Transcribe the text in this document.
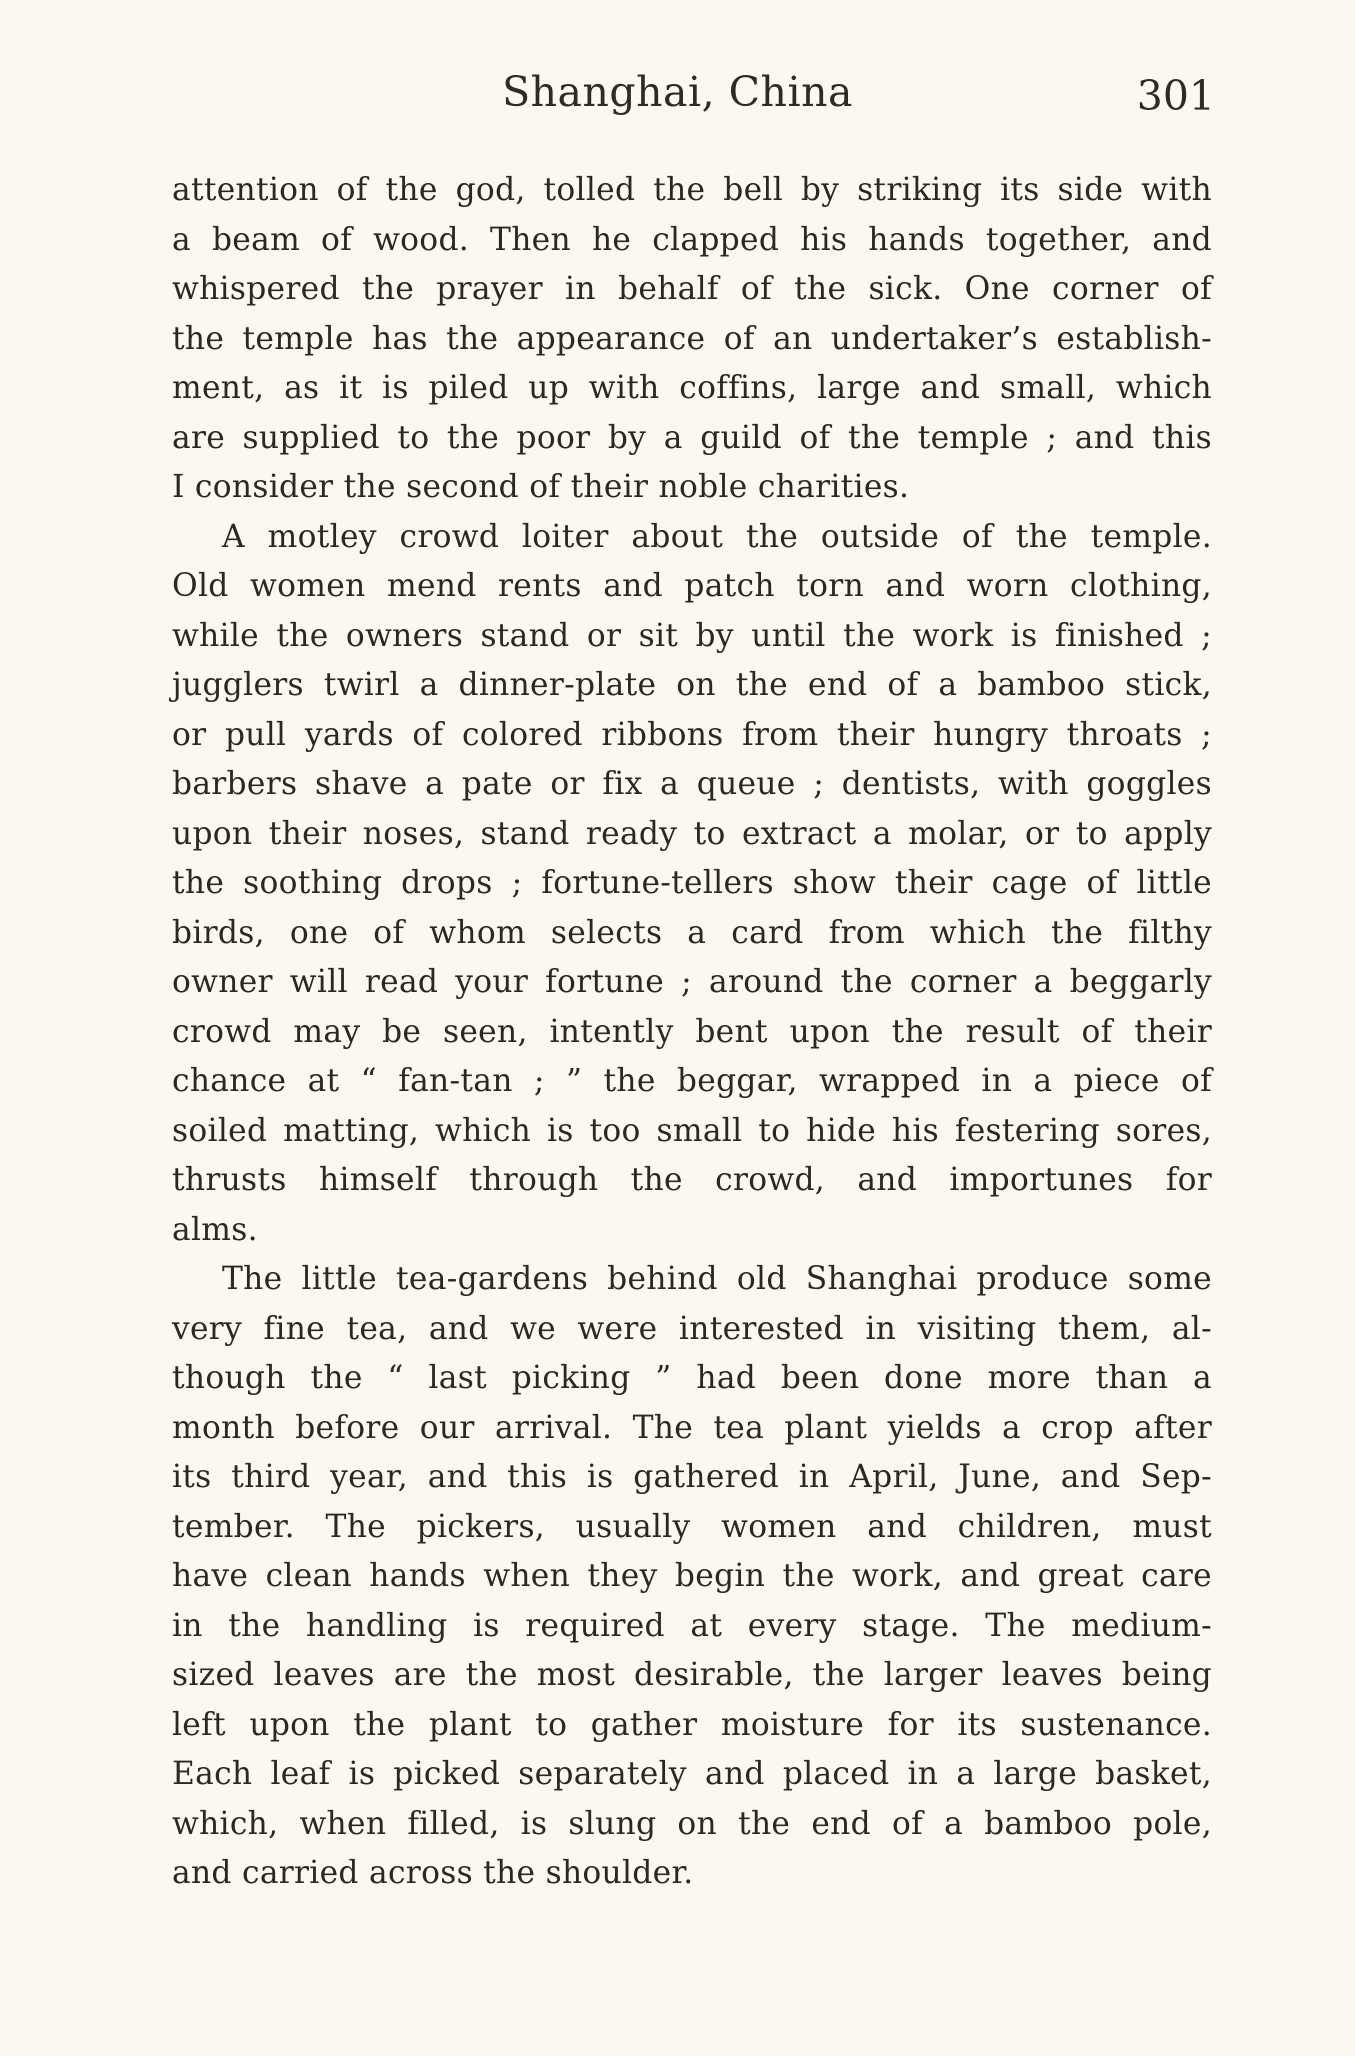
Shanghai, China	301
attention of the god, tolled the bell by striking its side with
a beam of wood. Then he clapped his hands together, and
whispered the prayer in behalf of the sick. One corner of
the temple has the appearance of an undertaker’s establish-
ment, as it is piled up with coffins, large and small, which
are supplied to the poor by a guild of the temple ; and this
I consider the second of their noble charities.
A motley crowd loiter about the outside of the temple.
Old women mend rents and patch torn and worn clothing,
while the owners stand or sit by until the work is finished ;
jugglers twirl a dinner-plate on the end of a bamboo stick,
or pull yards of colored ribbons from their hungry throats ;
barbers shave a pate or fix a queue ; dentists, with goggles
upon their noses, stand ready to extract a molar, or to apply
the soothing drops ; fortune-tellers show their cage of little
birds, one of whom selects a card from which the filthy
owner will read your fortune ; around the corner a beggarly
crowd may be seen, intently bent upon the result of their
chance at “ fan-tan ; ” the beggar, wrapped in a piece of
soiled matting, which is too small to hide his festering sores,
thrusts himself through the crowd, and importunes for
alms.
The little tea-gardens behind old Shanghai produce some
very fine tea, and we were interested in visiting them, al-
though the “ last picking ” had been done more than a
month before our arrival. The tea plant yields a crop after
its third year, and this is gathered in April, June, and Sep-
tember. The pickers, usually women and children, must
have clean hands when they begin the work, and great care
in the handling is required at every stage. The medium-
sized leaves are the most desirable, the larger leaves being
left upon the plant to gather moisture for its sustenance.
Each leaf is picked separately and placed in a large basket,
which, when filled, is slung on the end of a bamboo pole,
and carried across the shoulder.
